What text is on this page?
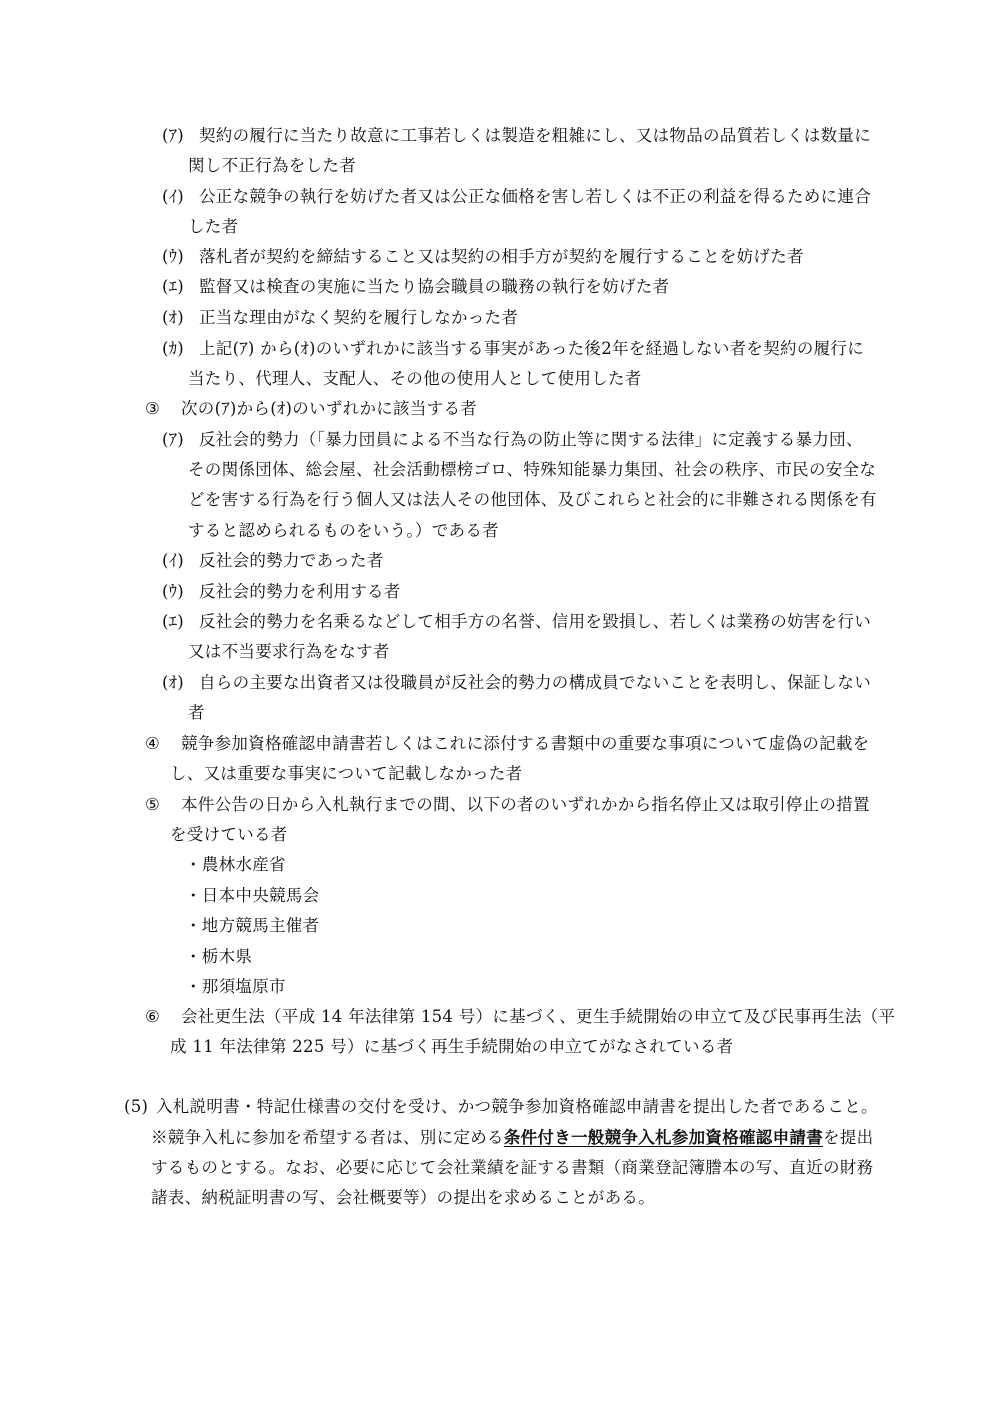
(ｱ) 契約の履行に当たり故意に工事若しくは製造を粗雑にし、又は物品の品質若しくは数量に
関し不正行為をした者
(ｲ) 公正な競争の執行を妨げた者又は公正な価格を害し若しくは不正の利益を得るために連合
した者
(ｳ) 落札者が契約を締結すること又は契約の相手方が契約を履行することを妨げた者
(ｴ) 監督又は検査の実施に当たり協会職員の職務の執行を妨げた者
(ｵ) 正当な理由がなく契約を履行しなかった者
(ｶ) 上記(ｱ) から(ｵ)のいずれかに該当する事実があった後2年を経過しない者を契約の履行に
当たり、代理人、支配人、その他の使用人として使用した者
③ 次の(ｱ)から(ｵ)のいずれかに該当する者
(ｱ) 反社会的勢力（「暴力団員による不当な行為の防止等に関する法律」に定義する暴力団、
その関係団体、総会屋、社会活動標榜ゴロ、特殊知能暴力集団、社会の秩序、市民の安全な
どを害する行為を行う個人又は法人その他団体、及びこれらと社会的に非難される関係を有
すると認められるものをいう。）である者
(ｲ) 反社会的勢力であった者
(ｳ) 反社会的勢力を利用する者
(ｴ) 反社会的勢力を名乗るなどして相手方の名誉、信用を毀損し、若しくは業務の妨害を行い
又は不当要求行為をなす者
(ｵ) 自らの主要な出資者又は役職員が反社会的勢力の構成員でないことを表明し、保証しない
者
④ 競争参加資格確認申請書若しくはこれに添付する書類中の重要な事項について虚偽の記載を
し、又は重要な事実について記載しなかった者
⑤ 本件公告の日から入札執行までの間、以下の者のいずれかから指名停止又は取引停止の措置
を受けている者
・農林水産省
・日本中央競馬会
・地方競馬主催者
・栃木県
・那須塩原市
⑥ 会社更生法（平成 14 年法律第 154 号）に基づく、更生手続開始の申立て及び民事再生法（平
成 11 年法律第 225 号）に基づく再生手続開始の申立てがなされている者
(5) 入札説明書・特記仕様書の交付を受け、かつ競争参加資格確認申請書を提出した者であること。
※競争入札に参加を希望する者は、別に定める条件付き一般競争入札参加資格確認申請書を提出
するものとする。なお、必要に応じて会社業績を証する書類（商業登記簿謄本の写、直近の財務
諸表、納税証明書の写、会社概要等）の提出を求めることがある。
